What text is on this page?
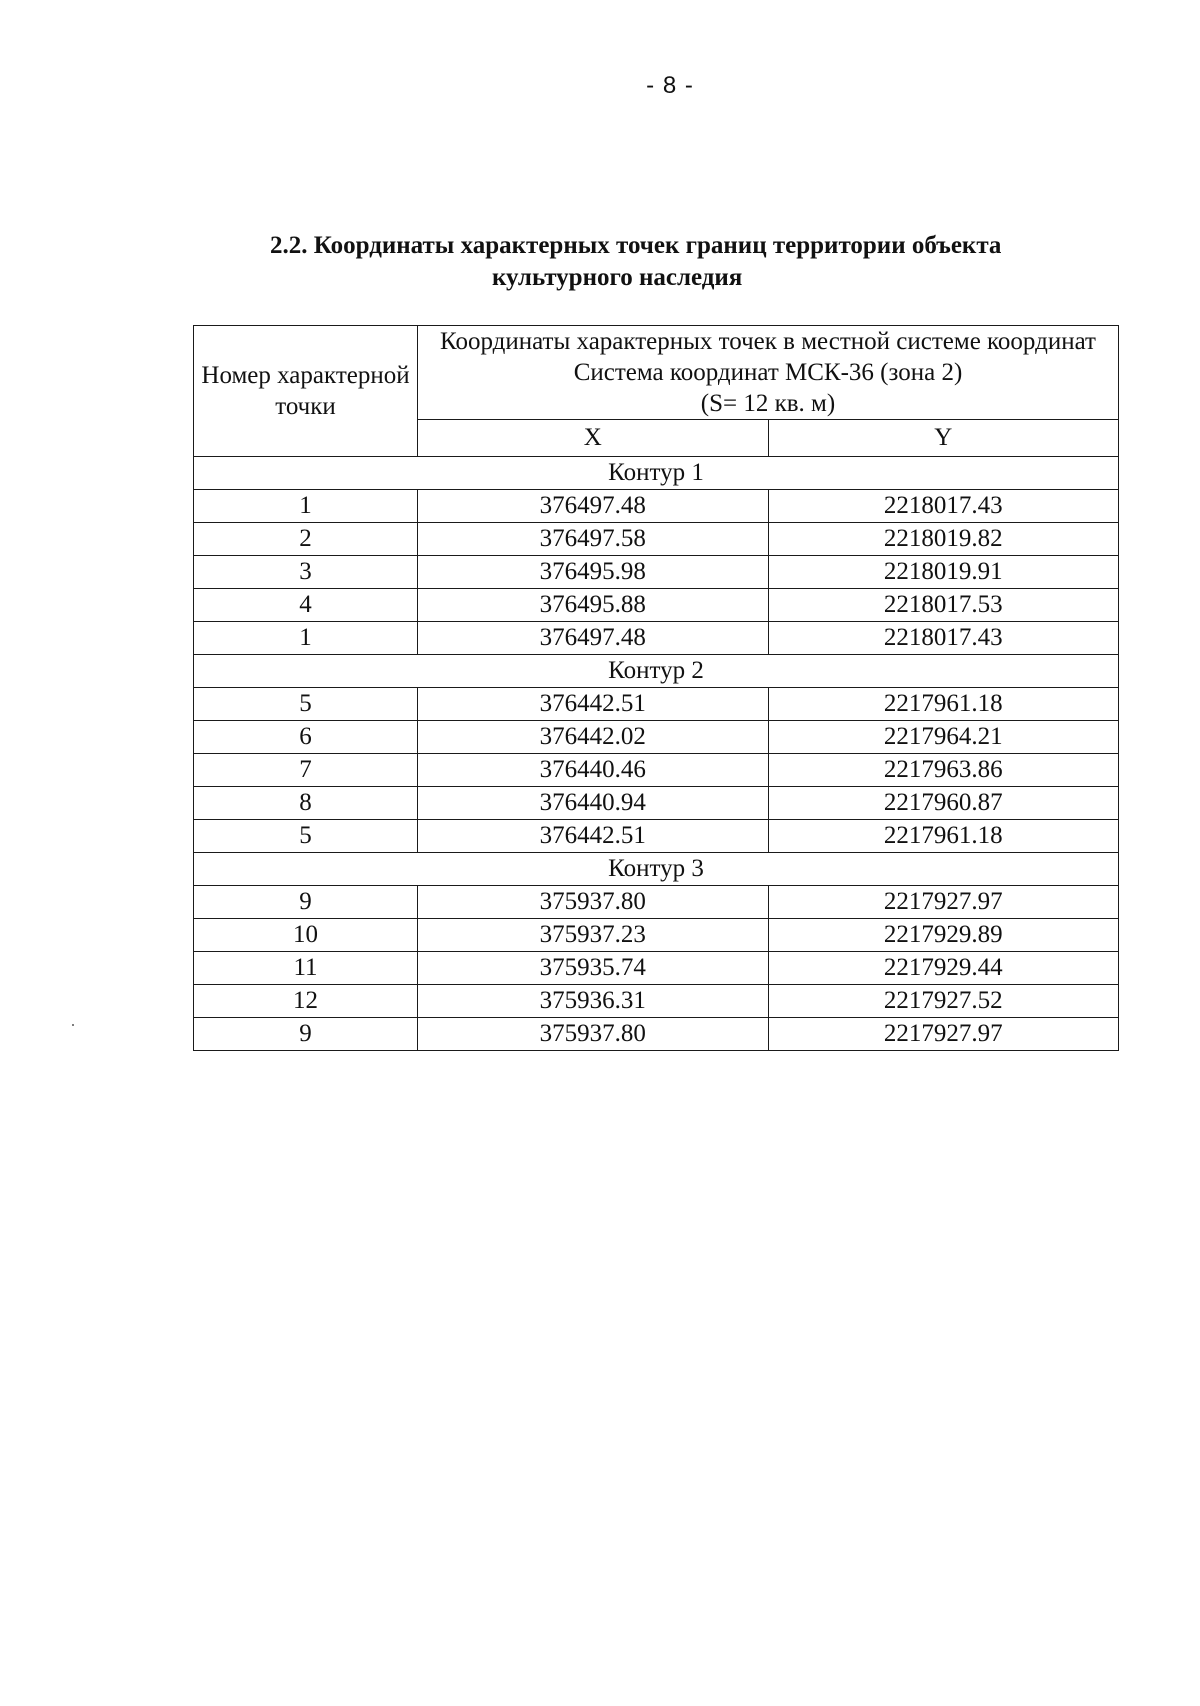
- 8 -
2.2. Координаты характерных точек границ территории объекта
культурного наследия
Номер характерной точки	Координаты характерных точек в местной системе координат
Система координат МСК-36 (зона 2)
(S= 12 кв. м)	

	X	Y
Контур 1		
1	376497.48	2218017.43
2	376497.58	2218019.82
3	376495.98	2218019.91
4	376495.88	2218017.53
1	376497.48	2218017.43
Контур 2		
5	376442.51	2217961.18
6	376442.02	2217964.21
7	376440.46	2217963.86
8	376440.94	2217960.87
5	376442.51	2217961.18
Контур 3		
9	375937.80	2217927.97
10	375937.23	2217929.89
11	375935.74	2217929.44
12	375936.31	2217927.52
9	375937.80	2217927.97
